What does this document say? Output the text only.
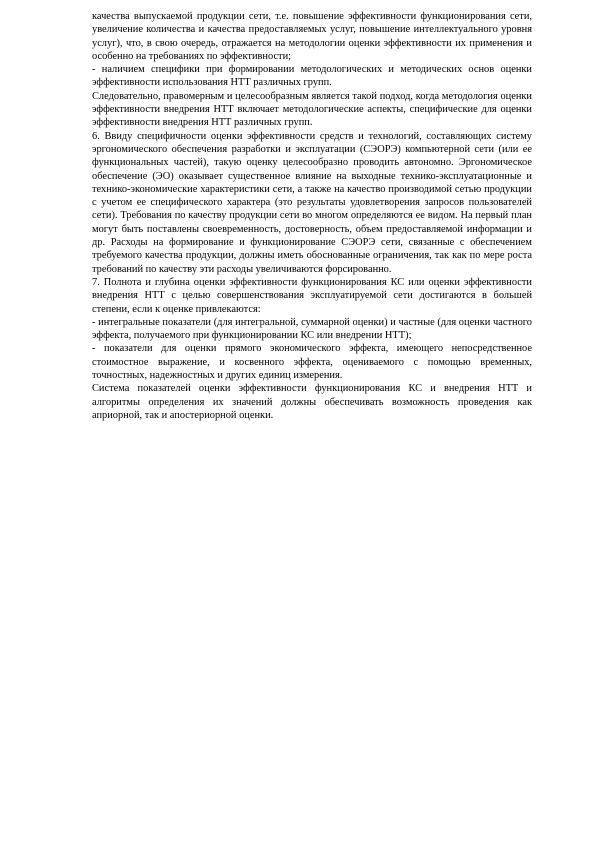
качества выпускаемой продукции сети, т.е. повышение эффективности функционирования сети, увеличение количества и качества предоставляемых услуг, повышение интеллектуального уровня услуг), что, в свою очередь, отражается на методологии оценки эффективности их применения и особенно на требованиях по эффективности;

- наличием специфики при формировании методологических и методических основ оценки эффективности использования НТТ различных групп.

Следовательно, правомерным и целесообразным является такой подход, когда методология оценки эффективности внедрения НТТ включает методологические аспекты, специфические для оценки эффективности внедрения НТТ различных групп.

6. Ввиду специфичности оценки эффективности средств и технологий, составляющих систему эргономического обеспечения разработки и эксплуатации (СЭОРЭ) компьютерной сети (или ее функциональных частей), такую оценку целесообразно проводить автономно. Эргономическое обеспечение (ЭО) оказывает существенное влияние на выходные технико-эксплуатационные и технико-экономические характеристики сети, а также на качество производимой сетью продукции с учетом ее специфического характера (это результаты удовлетворения запросов пользователей сети). Требования по качеству продукции сети во многом определяются ее видом. На первый план могут быть поставлены своевременность, достоверность, объем предоставляемой информации и др. Расходы на формирование и функционирование СЭОРЭ сети, связанные с обеспечением требуемого качества продукции, должны иметь обоснованные ограничения, так как по мере роста требований по качеству эти расходы увеличиваются форсированно.

7. Полнота и глубина оценки эффективности функционирования КС или оценки эффективности внедрения НТТ с целью совершенствования эксплуатируемой сети достигаются в большей степени, если к оценке привлекаются:

- интегральные показатели (для интегральной, суммарной оценки) и частные (для оценки частного эффекта, получаемого при функционировании КС или внедрении НТТ);

- показатели для оценки прямого экономического эффекта, имеющего непосредственное стоимостное выражение, и косвенного эффекта, оцениваемого с помощью временных, точностных, надежностных и других единиц измерения.

Система показателей оценки эффективности функционирования КС и внедрения НТТ и алгоритмы определения их значений должны обеспечивать возможность проведения как априорной, так и апостериорной оценки.
